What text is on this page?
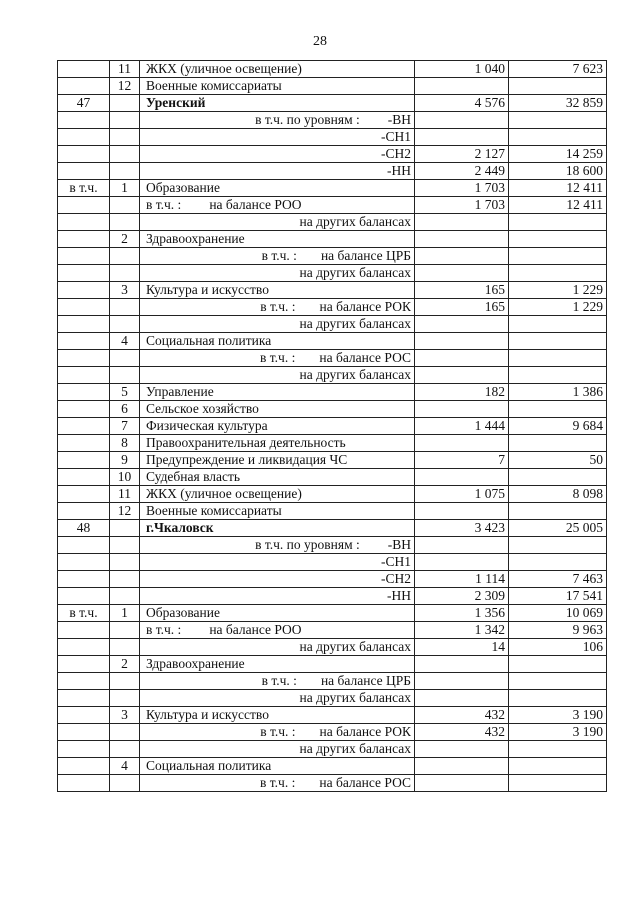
28
	11	ЖКХ (уличное освещение)	1 040	7 623
	12	Военные комиссариаты		
47		Уренский	4 576	32 859

		в т.ч. по уровням : -ВН		

		-СН1		
		-СН2	2 127	14 259
		-НН	2 449	18 600
в т.ч.	1	Образование	1 703	12 411

		в т.ч. : на балансе РОО	1 703	12 411
		на других балансах		
	2	Здравоохранение		

		в т.ч. : на балансе ЦРБ		

		на других балансах		
	3	Культура и искусство	165	1 229

		в т.ч. : на балансе РОК	165	1 229
		на других балансах		
	4	Социальная политика		

		в т.ч. : на балансе РОС		

		на других балансах		
	5	Управление	182	1 386
	6	Сельское хозяйство		
	7	Физическая культура	1 444	9 684
	8	Правоохранительная деятельность		
	9	Предупреждение и ликвидация ЧС	7	50
	10	Судебная власть		
	11	ЖКХ (уличное освещение)	1 075	8 098
	12	Военные комиссариаты		
48		г.Чкаловск	3 423	25 005

		в т.ч. по уровням : -ВН		

		-СН1		
		-СН2	1 114	7 463
		-НН	2 309	17 541
в т.ч.	1	Образование	1 356	10 069

		в т.ч. : на балансе РОО	1 342	9 963
		на других балансах	14	106
	2	Здравоохранение		

		в т.ч. : на балансе ЦРБ		

		на других балансах		
	3	Культура и искусство	432	3 190

		в т.ч. : на балансе РОК	432	3 190
		на других балансах		
	4	Социальная политика		

		в т.ч. : на балансе РОС		
